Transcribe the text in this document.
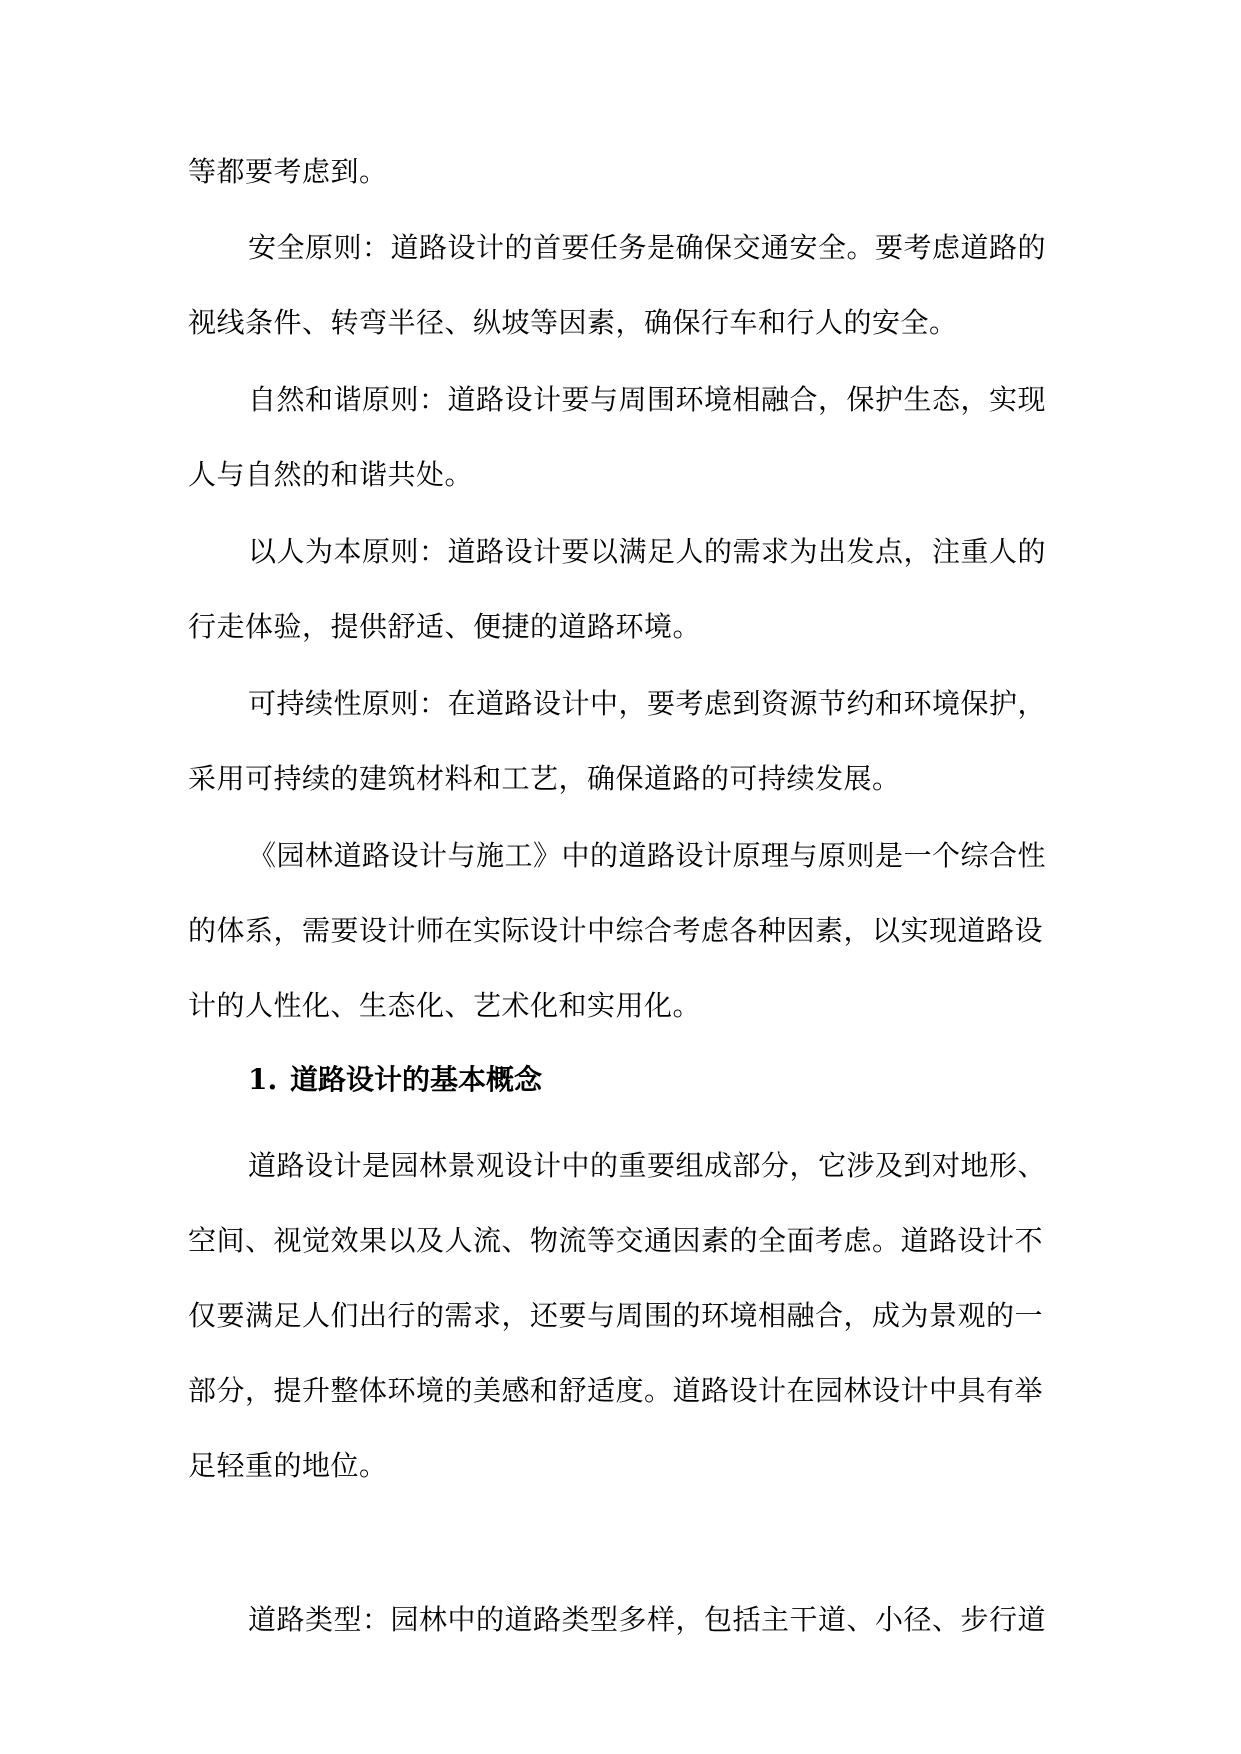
等都要考虑到。

安全原则：道路设计的首要任务是确保交通安全。要考虑道路的视线条件、转弯半径、纵坡等因素，确保行车和行人的安全。

自然和谐原则：道路设计要与周围环境相融合，保护生态，实现人与自然的和谐共处。

以人为本原则：道路设计要以满足人的需求为出发点，注重人的行走体验，提供舒适、便捷的道路环境。

可持续性原则：在道路设计中，要考虑到资源节约和环境保护，采用可持续的建筑材料和工艺，确保道路的可持续发展。

《园林道路设计与施工》中的道路设计原理与原则是一个综合性的体系，需要设计师在实际设计中综合考虑各种因素，以实现道路设计的人性化、生态化、艺术化和实用化。

1. 道路设计的基本概念

道路设计是园林景观设计中的重要组成部分，它涉及到对地形、空间、视觉效果以及人流、物流等交通因素的全面考虑。道路设计不仅要满足人们出行的需求，还要与周围的环境相融合，成为景观的一部分，提升整体环境的美感和舒适度。道路设计在园林设计中具有举足轻重的地位。

道路类型：园林中的道路类型多样，包括主干道、小径、步行道
